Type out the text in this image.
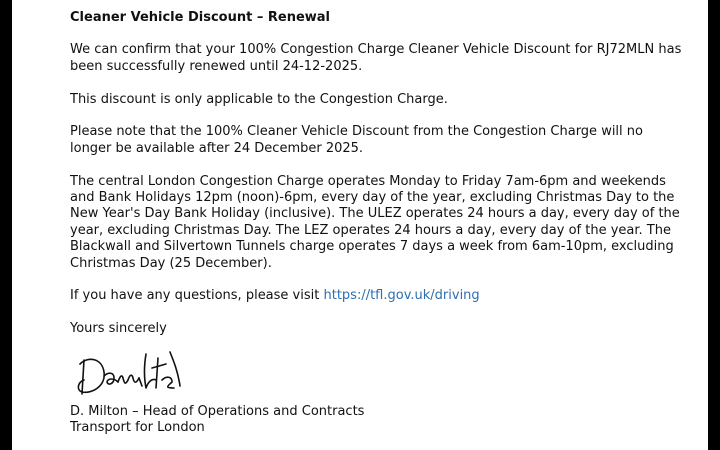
Cleaner Vehicle Discount – Renewal

We can confirm that your 100% Congestion Charge Cleaner Vehicle Discount for RJ72MLN has been successfully renewed until 24-12-2025.

This discount is only applicable to the Congestion Charge.

Please note that the 100% Cleaner Vehicle Discount from the Congestion Charge will no longer be available after 24 December 2025.

The central London Congestion Charge operates Monday to Friday 7am-6pm and weekends and Bank Holidays 12pm (noon)-6pm, every day of the year, excluding Christmas Day to the New Year's Day Bank Holiday (inclusive). The ULEZ operates 24 hours a day, every day of the year, excluding Christmas Day. The LEZ operates 24 hours a day, every day of the year. The Blackwall and Silvertown Tunnels charge operates 7 days a week from 6am-10pm, excluding Christmas Day (25 December).

If you have any questions, please visit https://tfl.gov.uk/driving

Yours sincerely

D. Milton – Head of Operations and Contracts

Transport for London
